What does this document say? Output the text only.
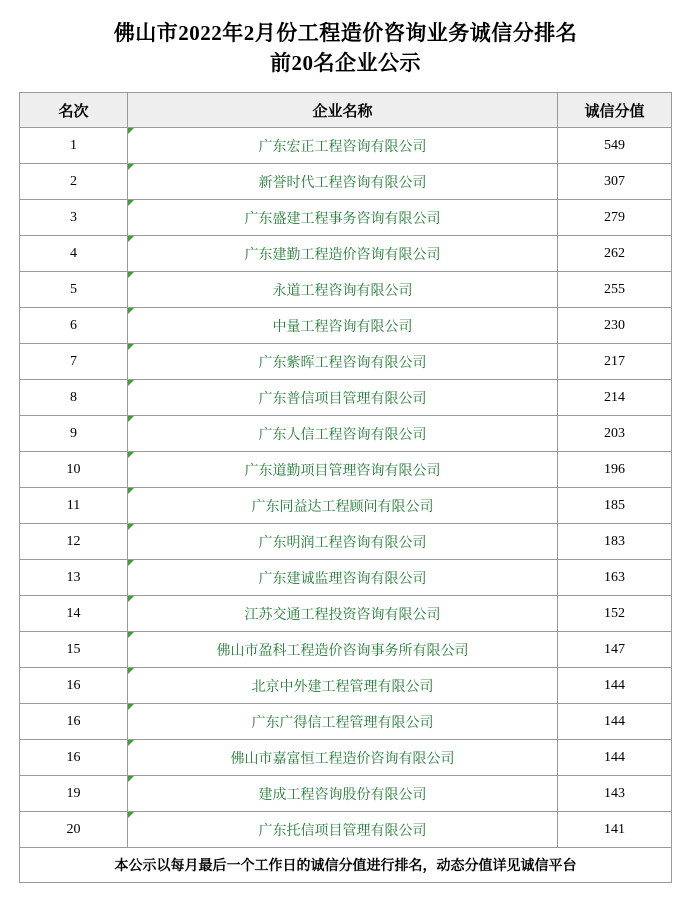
佛山市2022年2月份工程造价咨询业务诚信分排名
前20名企业公示
名次	企业名称	诚信分值
1	广东宏正工程咨询有限公司	549
2	新誉时代工程咨询有限公司	307
3	广东盛建工程事务咨询有限公司	279
4	广东建勤工程造价咨询有限公司	262
5	永道工程咨询有限公司	255
6	中量工程咨询有限公司	230
7	广东紫晖工程咨询有限公司	217
8	广东普信项目管理有限公司	214
9	广东人信工程咨询有限公司	203
10	广东道勤项目管理咨询有限公司	196
11	广东同益达工程顾问有限公司	185
12	广东明润工程咨询有限公司	183
13	广东建诚监理咨询有限公司	163
14	江苏交通工程投资咨询有限公司	152
15	佛山市盈科工程造价咨询事务所有限公司	147
16	北京中外建工程管理有限公司	144
16	广东广得信工程管理有限公司	144
16	佛山市嘉富恒工程造价咨询有限公司	144
19	建成工程咨询股份有限公司	143
20	广东托信项目管理有限公司	141
本公示以每月最后一个工作日的诚信分值进行排名，动态分值详见诚信平台		
